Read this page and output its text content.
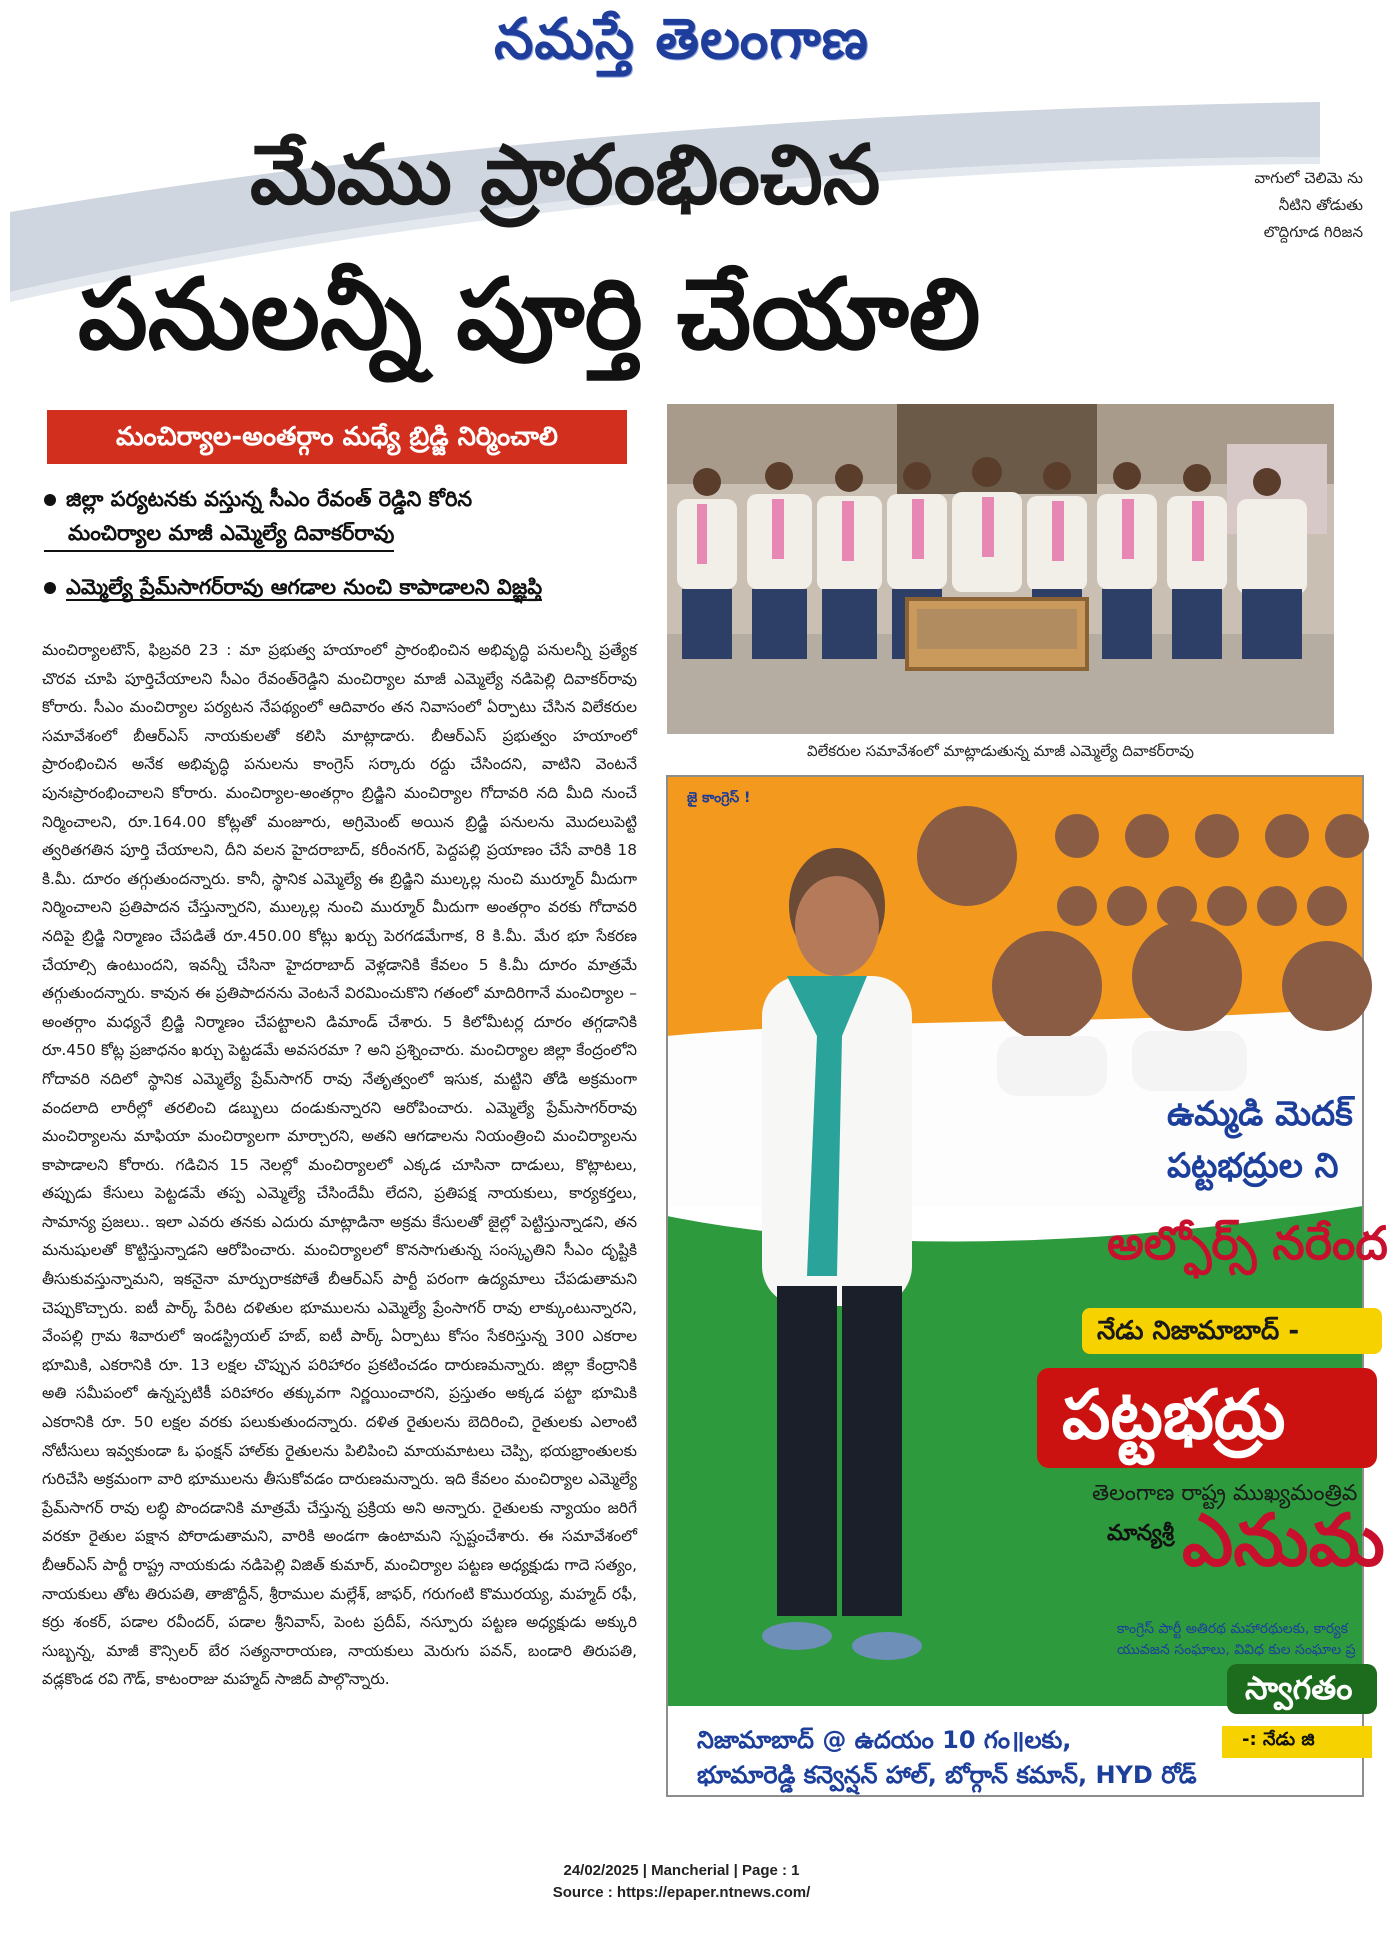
నమస్తే తెలంగాణ
మేము ప్రారంభించిన
పనులన్నీ పూర్తి చేయాలి
వాగులో చెలిమె ను
నీటిని తోడుతు
లొద్దిగూడ గిరిజన
మంచిర్యాల-అంతర్గాం మధ్యే బ్రిడ్జి నిర్మించాలి
జిల్లా పర్యటనకు వస్తున్న సీఎం రేవంత్ రెడ్డిని కోరిన
మంచిర్యాల మాజీ ఎమ్మెల్యే దివాకర్‌రావు
ఎమ్మెల్యే ప్రేమ్‌సాగర్‌రావు ఆగడాల నుంచి కాపాడాలని విజ్ఞప్తి

మంచిర్యాలటౌన్, ఫిబ్రవరి 23 : మా ప్రభుత్వ హయాంలో ప్రారంభించిన అభివృద్ధి పనులన్నీ ప్రత్యేక చొరవ చూపి పూర్తిచేయాలని సీఎం రేవంత్‌రెడ్డిని మంచిర్యాల మాజీ ఎమ్మెల్యే నడిపెల్లి దివాకర్‌రావు కోరారు. సీఎం మంచిర్యాల పర్యటన నేపథ్యంలో ఆదివారం తన నివాసంలో ఏర్పాటు చేసిన విలేకరుల సమావేశంలో బీఆర్‌ఎస్ నాయకులతో కలిసి మాట్లాడారు. బీఆర్‌ఎస్ ప్రభుత్వం హయాంలో ప్రారంభించిన అనేక అభివృద్ధి పనులను కాంగ్రెస్ సర్కారు రద్దు చేసిందని, వాటిని వెంటనే పునఃప్రారంభించాలని కోరారు. మంచిర్యాల-అంతర్గాం బ్రిడ్జిని మంచిర్యాల గోదావరి నది మీది నుంచే నిర్మించాలని, రూ.164.00 కోట్లతో మంజూరు, అగ్రిమెంట్ అయిన బ్రిడ్జి పనులను మొదలుపెట్టి త్వరితగతిన పూర్తి చేయాలని, దీని వలన హైదరాబాద్, కరీంనగర్, పెద్దపల్లి ప్రయాణం చేసే వారికి 18 కి.మీ. దూరం తగ్గుతుందన్నారు. కానీ, స్థానిక ఎమ్మెల్యే ఈ బ్రిడ్జిని ముల్కల్ల నుంచి ముర్మూర్ మీదుగా నిర్మించాలని ప్రతిపాదన చేస్తున్నారని, ముల్కల్ల నుంచి ముర్మూర్ మీదుగా అంతర్గాం వరకు గోదావరి నదిపై బ్రిడ్జి నిర్మాణం చేపడితే రూ.450.00 కోట్లు ఖర్చు పెరగడమేగాక, 8 కి.మీ. మేర భూ సేకరణ చేయాల్సి ఉంటుందని, ఇవన్నీ చేసినా హైదరాబాద్ వెళ్లడానికి కేవలం 5 కి.మీ దూరం మాత్రమే తగ్గుతుందన్నారు. కావున ఈ ప్రతిపాదనను వెంటనే విరమించుకొని గతంలో మాదిరిగానే మంచిర్యాల – అంతర్గాం మధ్యనే బ్రిడ్జి నిర్మాణం చేపట్టాలని డిమాండ్ చేశారు. 5 కిలోమీటర్ల దూరం తగ్గడానికి రూ.450 కోట్ల ప్రజాధనం ఖర్చు పెట్టడమే అవసరమా ? అని ప్రశ్నించారు. మంచిర్యాల జిల్లా కేంద్రంలోని గోదావరి నదిలో స్థానిక ఎమ్మెల్యే ప్రేమ్‌సాగర్ రావు నేతృత్వంలో ఇసుక, మట్టిని తోడి అక్రమంగా వందలాది లారీల్లో తరలించి డబ్బులు దండుకున్నారని ఆరోపించారు. ఎమ్మెల్యే ప్రేమ్‌సాగర్‌రావు మంచిర్యాలను మాఫియా మంచిర్యాలగా మార్చారని, అతని ఆగడాలను నియంత్రించి మంచిర్యాలను కాపాడాలని కోరారు. గడిచిన 15 నెలల్లో మంచిర్యాలలో ఎక్కడ చూసినా దాడులు, కొట్లాటలు, తప్పుడు కేసులు పెట్టడమే తప్ప ఎమ్మెల్యే చేసిందేమీ లేదని, ప్రతిపక్ష నాయకులు, కార్యకర్తలు, సామాన్య ప్రజలు.. ఇలా ఎవరు తనకు ఎదురు మాట్లాడినా అక్రమ కేసులతో జైల్లో పెట్టిస్తున్నాడని, తన మనుషులతో కొట్టిస్తున్నాడని ఆరోపించారు. మంచిర్యాలలో కొనసాగుతున్న సంస్కృతిని సీఎం దృష్టికి తీసుకువస్తున్నామని, ఇకనైనా మార్పురాకపోతే బీఆర్‌ఎస్ పార్టీ పరంగా ఉద్యమాలు చేపడుతామని చెప్పుకొచ్చారు. ఐటీ పార్క్ పేరిట దళితుల భూములను ఎమ్మెల్యే ప్రేంసాగర్ రావు లాక్కుంటున్నారని, వేంపల్లి గ్రామ శివారులో ఇండస్ట్రియల్ హబ్, ఐటీ పార్క్ ఏర్పాటు కోసం సేకరిస్తున్న 300 ఎకరాల భూమికి, ఎకరానికి రూ. 13 లక్షల చొప్పున పరిహారం ప్రకటించడం దారుణమన్నారు. జిల్లా కేంద్రానికి అతి సమీపంలో ఉన్నప్పటికీ పరిహారం తక్కువగా నిర్ణయించారని, ప్రస్తుతం అక్కడ పట్టా భూమికి ఎకరానికి రూ. 50 లక్షల వరకు పలుకుతుందన్నారు. దళిత రైతులను బెదిరించి, రైతులకు ఎలాంటి నోటీసులు ఇవ్వకుండా ఓ ఫంక్షన్ హాల్‌కు రైతులను పిలిపించి మాయమాటలు చెప్పి, భయభ్రాంతులకు గురిచేసి అక్రమంగా వారి భూములను తీసుకోవడం దారుణమన్నారు. ఇది కేవలం మంచిర్యాల ఎమ్మెల్యే ప్రేమ్‌సాగర్ రావు లబ్ధి పొందడానికి మాత్రమే చేస్తున్న ప్రక్రియ అని అన్నారు. రైతులకు న్యాయం జరిగే వరకూ రైతుల పక్షాన పోరాడుతామని, వారికి అండగా ఉంటామని స్పష్టంచేశారు. ఈ సమావేశంలో బీఆర్‌ఎస్ పార్టీ రాష్ట్ర నాయకుడు నడిపెల్లి విజిత్ కుమార్, మంచిర్యాల పట్టణ అధ్యక్షుడు గాదె సత్యం, నాయకులు తోట తిరుపతి, తాజొద్దీన్, శ్రీరాముల మల్లేశ్, జాఫర్, గరుగంటి కొమురయ్య, మహ్మద్ రఫీ, కర్రు శంకర్, పడాల రవీందర్, పడాల శ్రీనివాస్, పెంట ప్రదీప్, నస్పూరు పట్టణ అధ్యక్షుడు అక్కురి సుబ్బన్న, మాజీ కౌన్సిలర్ బేర సత్యనారాయణ, నాయకులు మెరుగు పవన్, బండారి తిరుపతి, వడ్లకొండ రవి గౌడ్, కాటంరాజు మహ్మద్ సాజిద్ పాల్గొన్నారు.

విలేకరుల సమావేశంలో మాట్లాడుతున్న మాజీ ఎమ్మెల్యే దివాకర్‌రావు
జై కాంగ్రెస్ !
ఉమ్మడి మెదక్
పట్టభద్రుల ని
అల్ఫోర్స్ నరేంద
నేడు నిజామాబాద్ -
పట్టభద్రు
తెలంగాణ రాష్ట్ర ముఖ్యమంత్రివ
మాన్యశ్రీ ఎనుమ
కాంగ్రెస్ పార్టీ అతిరథ మహారథులకు, కార్యక
యువజన సంఘాలు, వివిధ కుల సంఘాల ప్ర
స్వాగతం
-: నేడు జి
నిజామాబాద్ @ ఉదయం 10 గం॥లకు,
భూమారెడ్డి కన్వెన్షన్ హాల్, బోర్గాన్ కమాన్, HYD రోడ్
24/02/2025 | Mancherial | Page : 1
Source : https://epaper.ntnews.com/
